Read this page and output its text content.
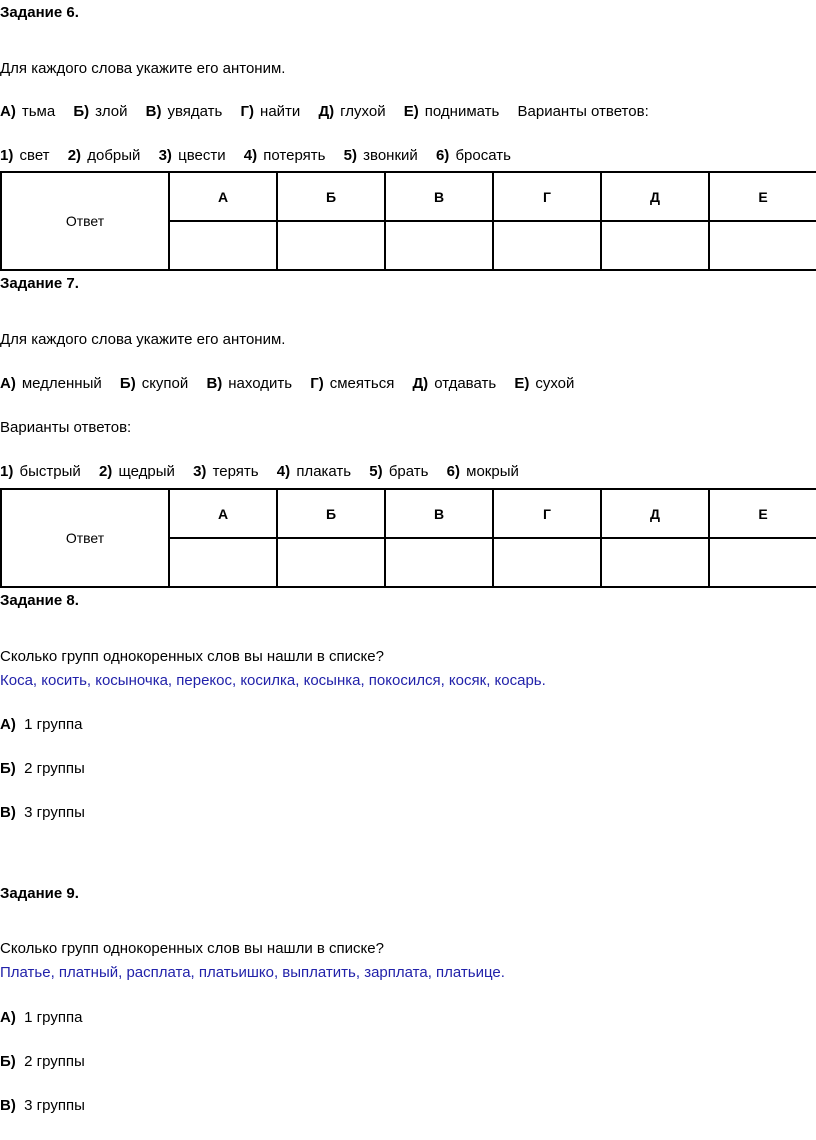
Задание 6.
Для каждого слова укажите его антоним.
А) тьма Б) злой В) увядать Г) найти Д) глухой Е) поднимать Варианты ответов:
1) свет 2) добрый 3) цвести 4) потерять 5) звонкий 6) бросать
Ответ	А	Б	В	Г	Д	Е

Задание 7.
Для каждого слова укажите его антоним.
А) медленный Б) скупой В) находить Г) смеяться Д) отдавать Е) сухой
Варианты ответов:
1) быстрый 2) щедрый 3) терять 4) плакать 5) брать 6) мокрый
Ответ	А	Б	В	Г	Д	Е

Задание 8.
Сколько групп однокоренных слов вы нашли в списке?
Коса, косить, косыночка, перекос, косилка, косынка, покосился, косяк, косарь.
А) 1 группа
Б) 2 группы
В) 3 группы
Задание 9.
Сколько групп однокоренных слов вы нашли в списке?
Платье, платный, расплата, платьишко, выплатить, зарплата, платьице.
А) 1 группа
Б) 2 группы
В) 3 группы
